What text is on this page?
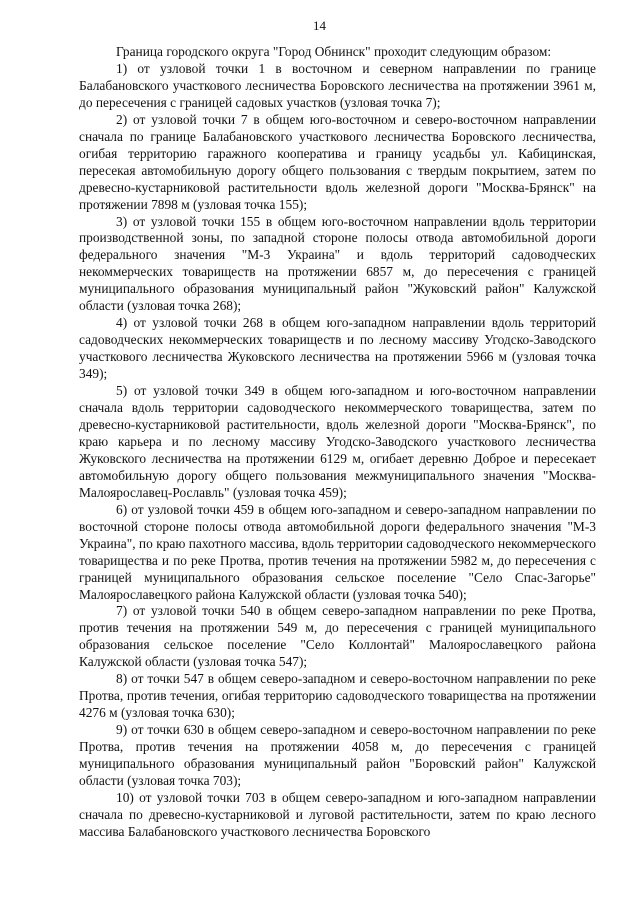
14

Граница городского округа "Город Обнинск" проходит следующим образом:

1) от узловой точки 1 в восточном и северном направлении по границе Балабановского участкового лесничества Боровского лесничества на протяжении 3961 м, до пересечения с границей садовых участков (узловая точка 7);

2) от узловой точки 7 в общем юго-восточном и северо-восточном направлении сначала по границе Балабановского участкового лесничества Боровского лесничества, огибая территорию гаражного кооператива и границу усадьбы ул. Кабицинская, пересекая автомобильную дорогу общего пользования с твердым покрытием, затем по древесно-кустарниковой растительности вдоль железной дороги "Москва-Брянск" на протяжении 7898 м (узловая точка 155);

3) от узловой точки 155 в общем юго-восточном направлении вдоль территории производственной зоны, по западной стороне полосы отвода автомобильной дороги федерального значения "М-3 Украина" и вдоль территорий садоводческих некоммерческих товариществ на протяжении 6857 м, до пересечения с границей муниципального образования муниципальный район "Жуковский район" Калужской области (узловая точка 268);

4) от узловой точки 268 в общем юго-западном направлении вдоль территорий садоводческих некоммерческих товариществ и по лесному массиву Угодско-Заводского участкового лесничества Жуковского лесничества на протяжении 5966 м (узловая точка 349);

5) от узловой точки 349 в общем юго-западном и юго-восточном направлении сначала вдоль территории садоводческого некоммерческого товарищества, затем по древесно-кустарниковой растительности, вдоль железной дороги "Москва-Брянск", по краю карьера и по лесному массиву Угодско-Заводского участкового лесничества Жуковского лесничества на протяжении 6129 м, огибает деревню Доброе и пересекает автомобильную дорогу общего пользования межмуниципального значения "Москва-Малоярославец-Рославль" (узловая точка 459);

6) от узловой точки 459 в общем юго-западном и северо-западном направлении по восточной стороне полосы отвода автомобильной дороги федерального значения "М-3 Украина", по краю пахотного массива, вдоль территории садоводческого некоммерческого товарищества и по реке Протва, против течения на протяжении 5982 м, до пересечения с границей муниципального образования сельское поселение "Село Спас-Загорье" Малоярославецкого района Калужской области (узловая точка 540);

7) от узловой точки 540 в общем северо-западном направлении по реке Протва, против течения на протяжении 549 м, до пересечения с границей муниципального образования сельское поселение "Село Коллонтай" Малоярославецкого района Калужской области (узловая точка 547);

8) от точки 547 в общем северо-западном и северо-восточном направлении по реке Протва, против течения, огибая территорию садоводческого товарищества на протяжении 4276 м (узловая точка 630);

9) от точки 630 в общем северо-западном и северо-восточном направлении по реке Протва, против течения на протяжении 4058 м, до пересечения с границей муниципального образования муниципальный район "Боровский район" Калужской области (узловая точка 703);

10) от узловой точки 703 в общем северо-западном и юго-западном направлении сначала по древесно-кустарниковой и луговой растительности, затем по краю лесного массива Балабановского участкового лесничества Боровского
